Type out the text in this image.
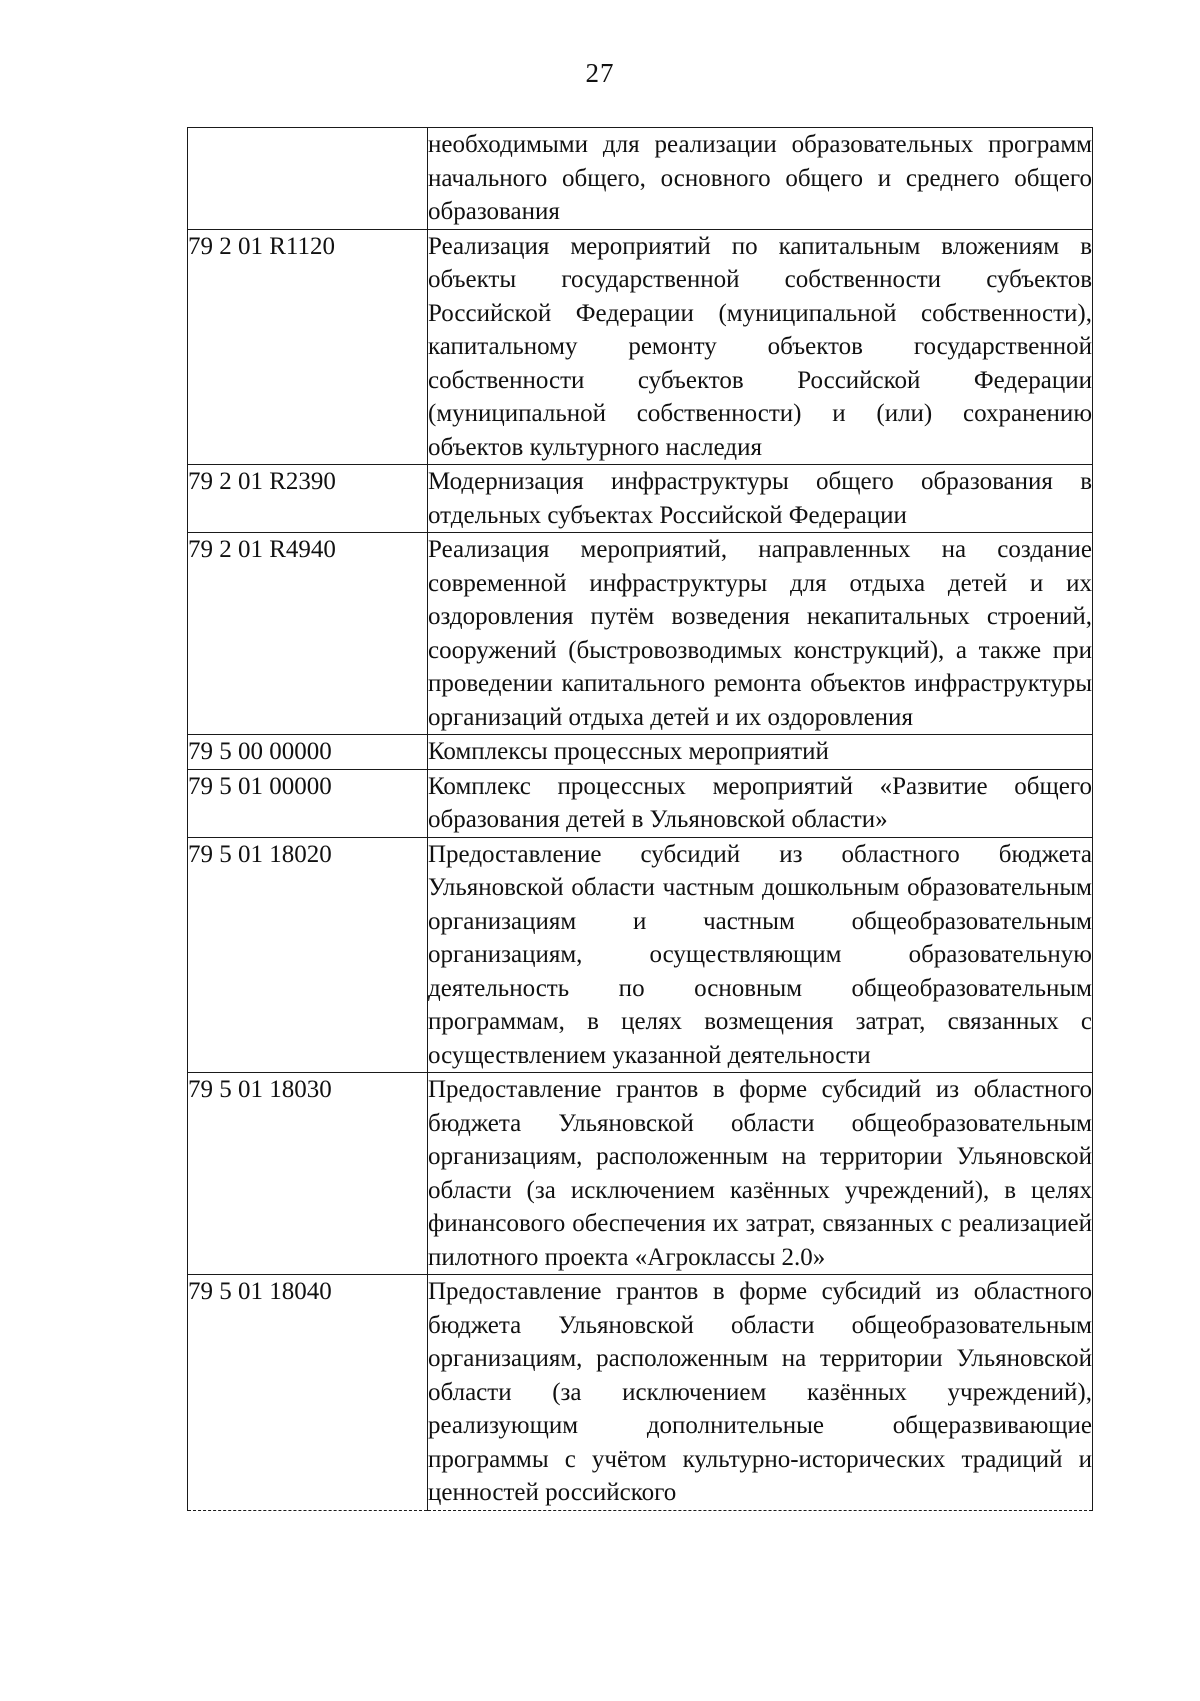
27

	необходимыми для реализации образовательных программ начального общего, основного общего и среднего общего образования

79 2 01 R1120	Реализация мероприятий по капитальным вложениям в объекты государственной собственности субъектов Российской Федерации (муниципальной собственности), капитальному ремонту объектов государственной собственности субъектов Российской Федерации (муниципальной собственности) и (или) сохранению объектов культурного наследия

79 2 01 R2390	Модернизация инфраструктуры общего образования в отдельных субъектах Российской Федерации

79 2 01 R4940	Реализация мероприятий, направленных на создание современной инфраструктуры для отдыха детей и их оздоровления путём возведения некапитальных строений, сооружений (быстровозводимых конструкций), а также при проведении капитального ремонта объектов инфраструктуры организаций отдыха детей и их оздоровления

79 5 00 00000	Комплексы процессных мероприятий

79 5 01 00000	Комплекс процессных мероприятий «Развитие общего образования детей в Ульяновской области»

79 5 01 18020	Предоставление субсидий из областного бюджета Ульяновской области частным дошкольным образовательным организациям и частным общеобразовательным организациям, осуществляющим образовательную деятельность по основным общеобразовательным программам, в целях возмещения затрат, связанных с осуществлением указанной деятельности

79 5 01 18030	Предоставление грантов в форме субсидий из областного бюджета Ульяновской области общеобразовательным организациям, расположенным на территории Ульяновской области (за исключением казённых учреждений), в целях финансового обеспечения их затрат, связанных с реализацией пилотного проекта «Агроклассы 2.0»

79 5 01 18040	Предоставление грантов в форме субсидий из областного бюджета Ульяновской области общеобразовательным организациям, расположенным на территории Ульяновской области (за исключением казённых учреждений), реализующим дополнительные общеразвивающие программы с учётом культурно-исторических традиций и ценностей российского
